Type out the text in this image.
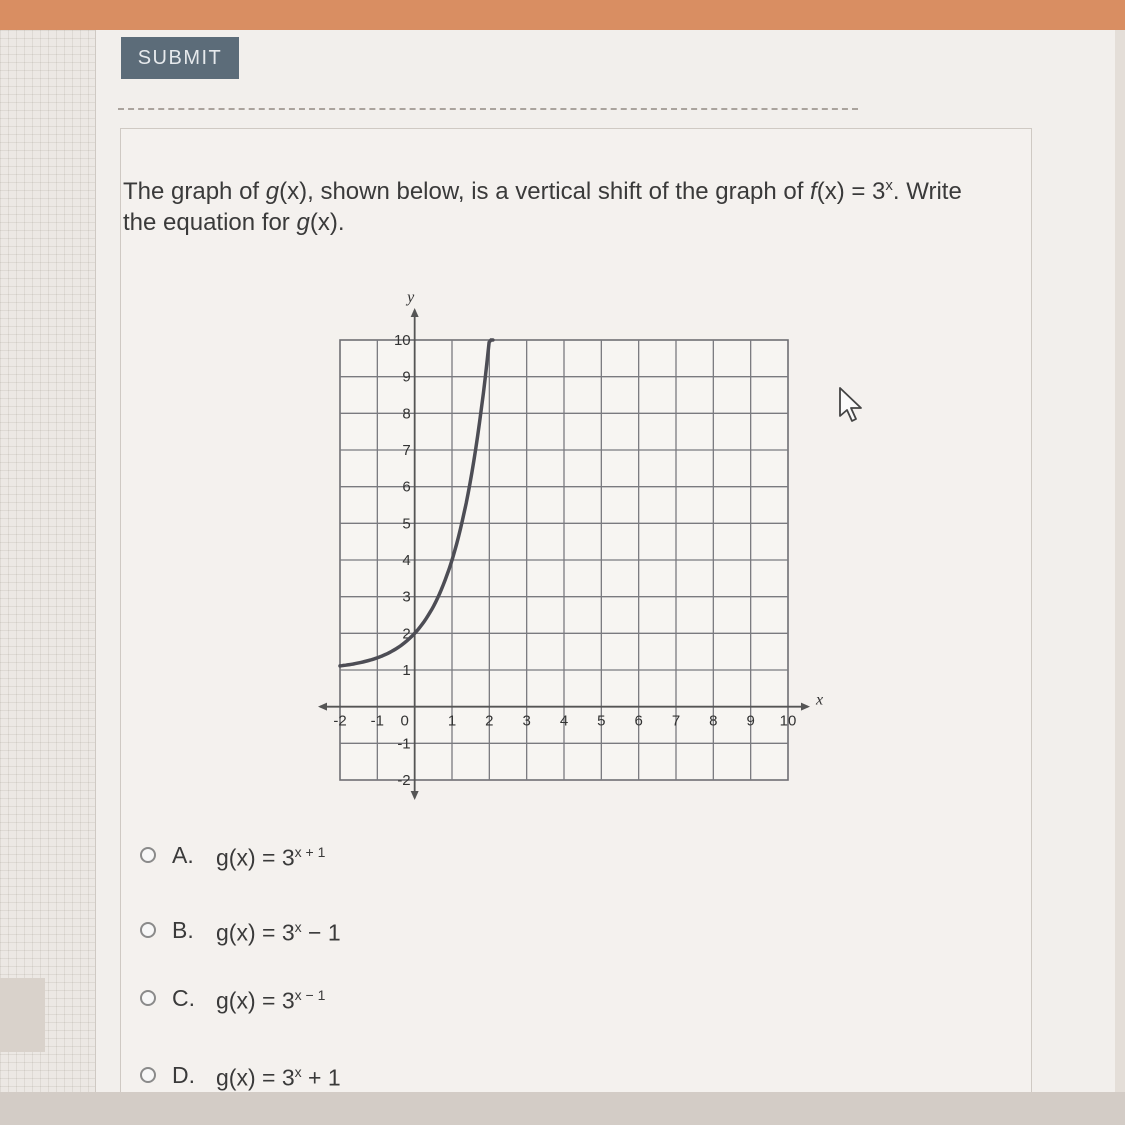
SUBMIT
The graph of g(x), shown below, is a vertical shift of the graph of $f(x) = 3^x$. Write
the equation for g(x).
x
y
-2 -1 0	1 2 3 4 5 6 7 8 9 10
10
9
8
7
6
5
4
3
2
1
-1
-2
A. $g(x) = 3^{x + 1}$
B. $g(x) = 3^x - 1$
C. $g(x) = 3^{x - 1}$
D. $g(x) = 3^x + 1$
